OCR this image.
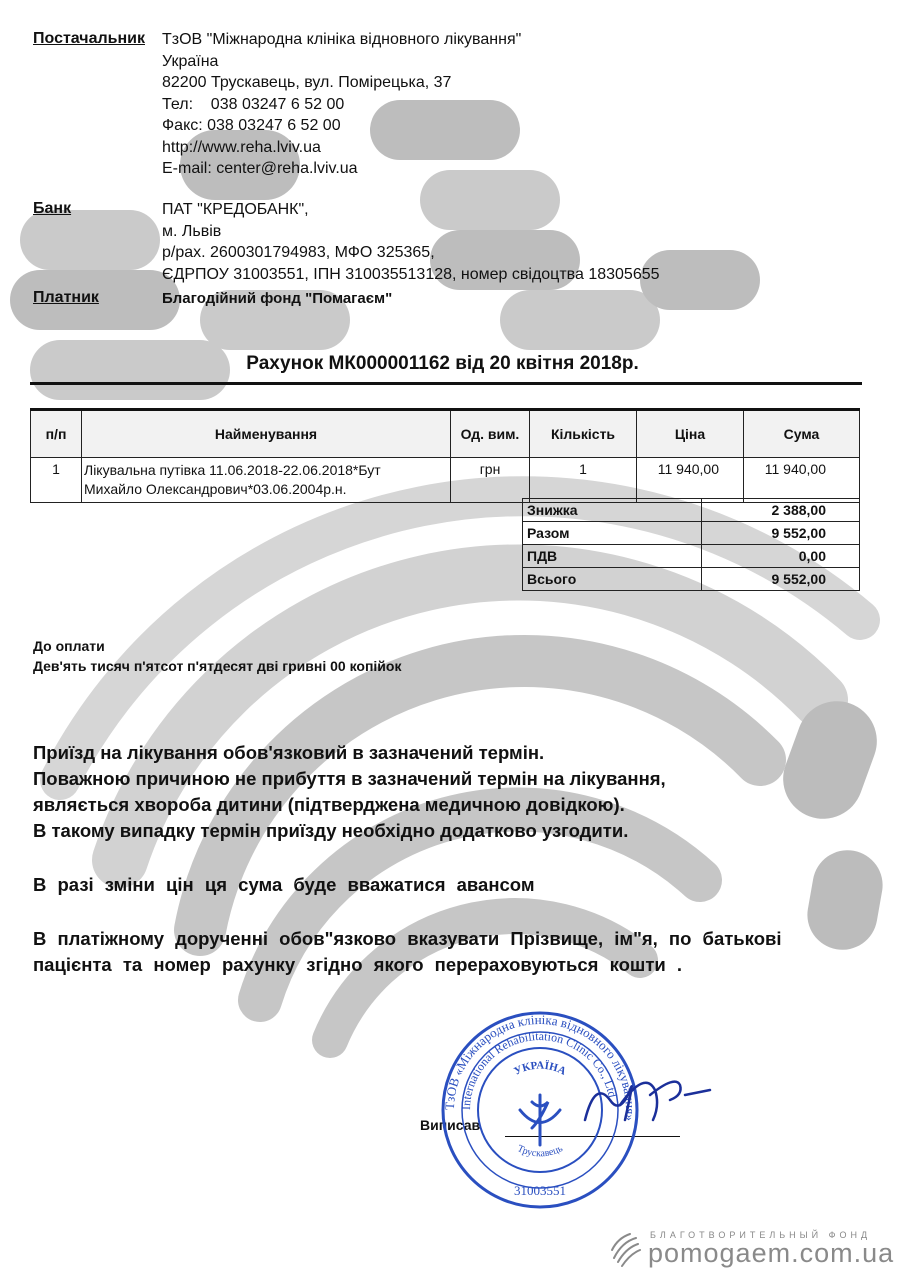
Постачальник ТзОВ "Міжнародна клініка відновного лікування"
Україна
82200 Трускавець, вул. Помірецька, 37
Тел:    038 03247 6 52 00
Факс: 038 03247 6 52 00
http://www.reha.lviv.ua
E-mail: center@reha.lviv.ua
Банк	ПАТ "КРЕДОБАНК",
м. Львів
р/рах. 2600301794983, МФО 325365,
ЄДРПОУ 31003551, ІПН 310035513128, номер свідоцтва 18305655
Платник	Благодійний фонд "Помагаєм"
Рахунок МК000001162 від 20 квітня 2018р.
п/п	Найменування	Од. вим.	Кількість	Ціна	Сума
1	Лікувальна путівка 11.06.2018-22.06.2018*Бут
Михайло Олександрович*03.06.2004р.н.	грн	1	11 940,00	11 940,00
Знижка	2 388,00
Разом	9 552,00
ПДВ	0,00
Всього	9 552,00
До оплати
Дев'ять тисяч п'ятсот п'ятдесят дві гривні 00 копійок
Приїзд на лікування обов'язковий в зазначений термін.
Поважною причиною не прибуття в зазначений термін на лікування,
являється хвороба дитини (підтверджена медичною довідкою).
В такому випадку термін приїзду необхідно додатково узгодити.
В разі зміни цін ця сума буде вважатися авансом
В платіжному дорученні обов"язково вказувати Прізвище, ім"я, по батькові
пацієнта та номер рахунку згідно якого перераховуються кошти .
Виписав
ТзОВ «Міжнародна клініка відновного лікування»
International Rehabilitation Clinic Co., Ltd.
УКРАЇНА
Трускавець
31003551
БЛАГОТВОРИТЕЛЬНЫЙ ФОНД
pomogaem.com.ua
